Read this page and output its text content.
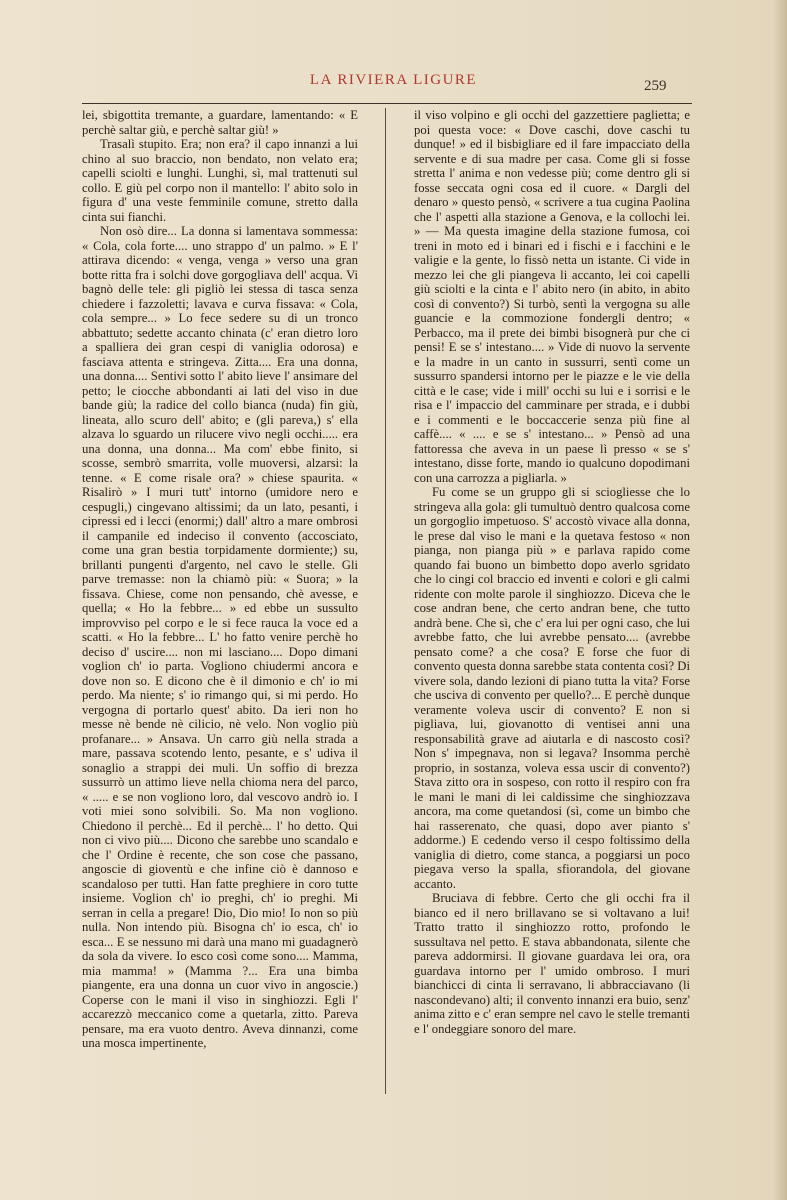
LA RIVIERA LIGURE	259

lei, sbigottita tremante, a guardare, lamentando: « E perchè saltar giù, e perchè saltar giù! »

Trasalì stupito. Era; non era? il capo innanzi a lui chino al suo braccio, non bendato, non velato era; capelli sciolti e lunghi. Lunghi, sì, mal trattenuti sul collo. E giù pel corpo non il mantello: l' abito solo in figura d' una veste femminile comune, stretto dalla cinta sui fianchi.

Non osò dire... La donna si lamentava sommessa: « Cola, cola forte.... uno strappo d' un palmo. » E l' attirava dicendo: « venga, venga » verso una gran botte ritta fra i solchi dove gorgogliava dell' acqua. Vi bagnò delle tele: gli pigliò lei stessa di tasca senza chiedere i fazzoletti; lavava e curva fissava: « Cola, cola sempre... » Lo fece sedere su di un tronco abbattuto; sedette accanto chinata (c' eran dietro loro a spalliera dei gran cespi di vaniglia odorosa) e fasciava attenta e stringeva. Zitta.... Era una donna, una donna.... Sentivi sotto l' abito lieve l' ansimare del petto; le ciocche abbondanti ai lati del viso in due bande giù; la radice del collo bianca (nuda) fin giù, lineata, allo scuro dell' abito; e (gli pareva,) s' ella alzava lo sguardo un rilucere vivo negli occhi..... era una donna, una donna... Ma com' ebbe finito, si scosse, sembrò smarrita, volle muoversi, alzarsi: la tenne. « E come risale ora? » chiese spaurita. « Risalirò » I muri tutt' intorno (umidore nero e cespugli,) cingevano altissimi; da un lato, pesanti, i cipressi ed i lecci (enormi;) dall' altro a mare ombrosi il campanile ed indeciso il convento (accosciato, come una gran bestia torpidamente dormiente;) su, brillanti pungenti d'argento, nel cavo le stelle. Gli parve tremasse: non la chiamò più: « Suora; » la fissava. Chiese, come non pensando, chè avesse, e quella; « Ho la febbre... » ed ebbe un sussulto improvviso pel corpo e le si fece rauca la voce ed a scatti. « Ho la febbre... L' ho fatto venire perchè ho deciso d' uscire.... non mi lasciano.... Dopo dimani voglion ch' io parta. Vogliono chiudermi ancora e dove non so. E dicono che è il dimonio e ch' io mi perdo. Ma niente; s' io rimango qui, si mi perdo. Ho vergogna di portarlo quest' abito. Da ieri non ho messe nè bende nè cilicio, nè velo. Non voglio più profanare... » Ansava. Un carro giù nella strada a mare, passava scotendo lento, pesante, e s' udiva il sonaglio a strappi dei muli. Un soffio di brezza sussurrò un attimo lieve nella chioma nera del parco, « ..... e se non vogliono loro, dal vescovo andrò io. I voti miei sono solvibili. So. Ma non vogliono. Chiedono il perchè... Ed il perchè... l' ho detto. Qui non ci vivo più.... Dicono che sarebbe uno scandalo e che l' Ordine è recente, che son cose che passano, angoscie di gioventù e che infine ciò è dannoso e scandaloso per tutti. Han fatte preghiere in coro tutte insieme. Voglion ch' io preghi, ch' io preghi. Mi serran in cella a pregare! Dio, Dio mio! Io non so più nulla. Non intendo più. Bisogna ch' io esca, ch' io esca... E se nessuno mi darà una mano mi guadagnerò da sola da vivere. Io esco così come sono.... Mamma, mia mamma! » (Mamma ?... Era una bimba piangente, era una donna un cuor vivo in angoscie.) Coperse con le mani il viso in singhiozzi. Egli l' accarezzò meccanico come a quetarla, zitto. Pareva pensare, ma era vuoto dentro. Aveva dinnanzi, come una mosca impertinente,

il viso volpino e gli occhi del gazzettiere paglietta; e poi questa voce: « Dove caschi, dove caschi tu dunque! » ed il bisbigliare ed il fare impacciato della servente e di sua madre per casa. Come gli si fosse stretta l' anima e non vedesse più; come dentro gli si fosse seccata ogni cosa ed il cuore. « Dargli del denaro » questo pensò, « scrivere a tua cugina Paolina che l' aspetti alla stazione a Genova, e la collochi lei. » — Ma questa imagine della stazione fumosa, coi treni in moto ed i binari ed i fischi e i facchini e le valigie e la gente, lo fissò netta un istante. Ci vide in mezzo lei che gli piangeva li accanto, lei coi capelli giù sciolti e la cinta e l' abito nero (in abito, in abito così di convento?) Si turbò, sentì la vergogna su alle guancie e la commozione fondergli dentro; « Perbacco, ma il prete dei bimbi bisognerà pur che ci pensi! E se s' intestano.... » Vide di nuovo la servente e la madre in un canto in sussurri, sentì come un sussurro spandersi intorno per le piazze e le vie della città e le case; vide i mill' occhi su lui e i sorrisi e le risa e l' impaccio del camminare per strada, e i dubbi e i commenti e le boccaccerie senza più fine al caffè.... « .... e se s' intestano... » Pensò ad una fattoressa che aveva in un paese lì presso « se s' intestano, disse forte, mando io qualcuno dopodimani con una carrozza a pigliarla. »

Fu come se un gruppo gli si sciogliesse che lo stringeva alla gola: gli tumultuò dentro qualcosa come un gorgoglio impetuoso. S' accostò vivace alla donna, le prese dal viso le mani e la quetava festoso « non pianga, non pianga più » e parlava rapido come quando fai buono un bimbetto dopo averlo sgridato che lo cingi col braccio ed inventi e colori e gli calmi ridente con molte parole il singhiozzo. Diceva che le cose andran bene, che certo andran bene, che tutto andrà bene. Che sì, che c' era lui per ogni caso, che lui avrebbe fatto, che lui avrebbe pensato.... (avrebbe pensato come? a che cosa? E forse che fuor di convento questa donna sarebbe stata contenta così? Di vivere sola, dando lezioni di piano tutta la vita? Forse che usciva di convento per quello?... E perchè dunque veramente voleva uscir di convento? E non si pigliava, lui, giovanotto di ventisei anni una responsabilità grave ad aiutarla e di nascosto così? Non s' impegnava, non si legava? Insomma perchè proprio, in sostanza, voleva essa uscir di convento?) Stava zitto ora in sospeso, con rotto il respiro con fra le mani le mani di lei caldissime che singhiozzava ancora, ma come quetandosi (sì, come un bimbo che hai rasserenato, che quasi, dopo aver pianto s' addorme.) E cedendo verso il cespo foltissimo della vaniglia di dietro, come stanca, a poggiarsi un poco piegava verso la spalla, sfiorandola, del giovane accanto.

Bruciava di febbre. Certo che gli occhi fra il bianco ed il nero brillavano se si voltavano a lui! Tratto tratto il singhiozzo rotto, profondo le sussultava nel petto. E stava abbandonata, silente che pareva addormirsi. Il giovane guardava lei ora, ora guardava intorno per l' umido ombroso. I muri bianchicci di cinta li serravano, li abbracciavano (li nascondevano) alti; il convento innanzi era buio, senz' anima zitto e c' eran sempre nel cavo le stelle tremanti e l' ondeggiare sonoro del mare.
